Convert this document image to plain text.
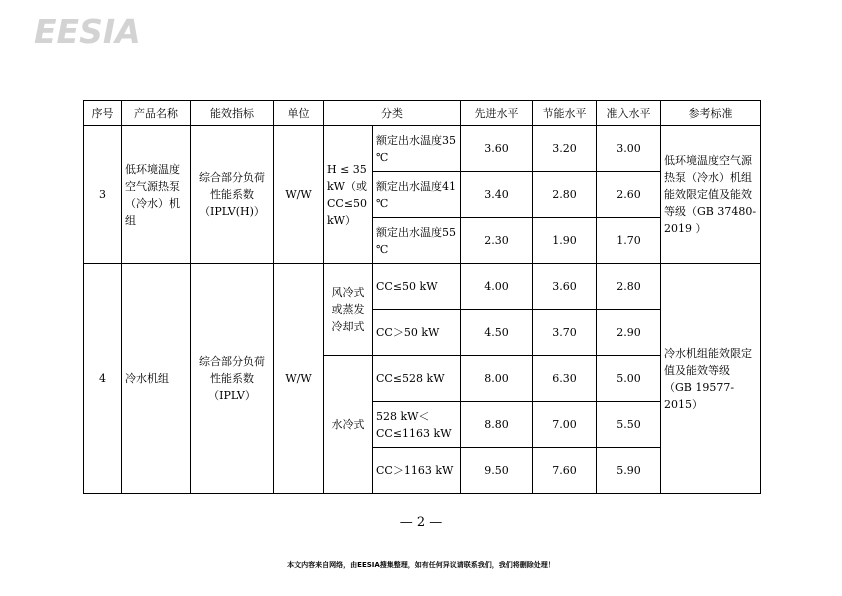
EESIA
序号	产品名称	能效指标	单位	分类		先进水平	节能水平	准入水平	参考标准
3	低环境温度空气源热泵（冷水）机组	综合部分负荷性能系数（IPLV(H)）	W/W	H ≤ 35 kW（或CC≤50 kW）	额定出水温度35 ℃	3.60	3.20	3.00	低环境温度空气源热泵（冷水）机组能效限定值及能效等级（GB 37480-2019 ）
					额定出水温度41 ℃	3.40	2.80	2.60	
					额定出水温度55 ℃	2.30	1.90	1.70	
4	冷水机组	综合部分负荷性能系数（IPLV）	W/W	风冷式或蒸发冷却式	CC≤50 kW	4.00	3.60	2.80	冷水机组能效限定值及能效等级（GB 19577-2015）
					CC＞50 kW	4.50	3.70	2.90	
				水冷式	CC≤528 kW	8.00	6.30	5.00	
					528 kW＜CC≤1163 kW	8.80	7.00	5.50	
					CC＞1163 kW	9.50	7.60	5.90	
— 2 —
本文内容来自网络，由EESIA搜集整理，如有任何异议请联系我们，我们将删除处理！
